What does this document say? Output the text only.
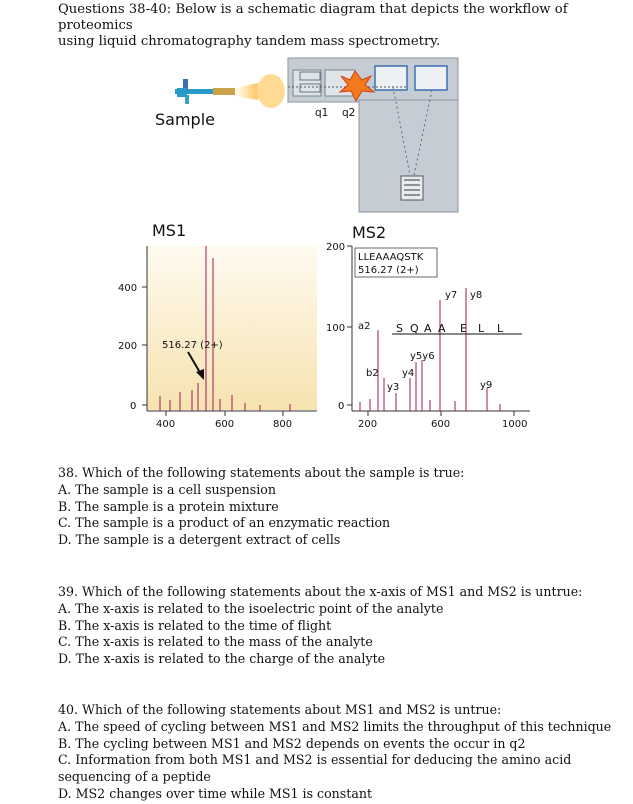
Questions 38-40: Below is a schematic diagram that depicts the workflow of proteomics
using liquid chromatography tandem mass spectrometry.
Sample	q1 q2
MS1
400
200
0
400	600	800
516.27 (2+)
MS2
200
100
0
200	600	1000
LLEAAAQSTK
516.27 (2+)
a2
b2
y3
y4
y5y6
y7 y8
y9
S Q A A E L L
38. Which of the following statements about the sample is true:
A. The sample is a cell suspension
B. The sample is a protein mixture
C. The sample is a product of an enzymatic reaction
D. The sample is a detergent extract of cells
39. Which of the following statements about the x-axis of MS1 and MS2 is untrue:
A. The x-axis is related to the isoelectric point of the analyte
B. The x-axis is related to the time of flight
C. The x-axis is related to the mass of the analyte
D. The x-axis is related to the charge of the analyte
40. Which of the following statements about MS1 and MS2 is untrue:
A. The speed of cycling between MS1 and MS2 limits the throughput of this technique
B. The cycling between MS1 and MS2 depends on events the occur in q2
C. Information from both MS1 and MS2 is essential for deducing the amino acid
sequencing of a peptide
D. MS2 changes over time while MS1 is constant
